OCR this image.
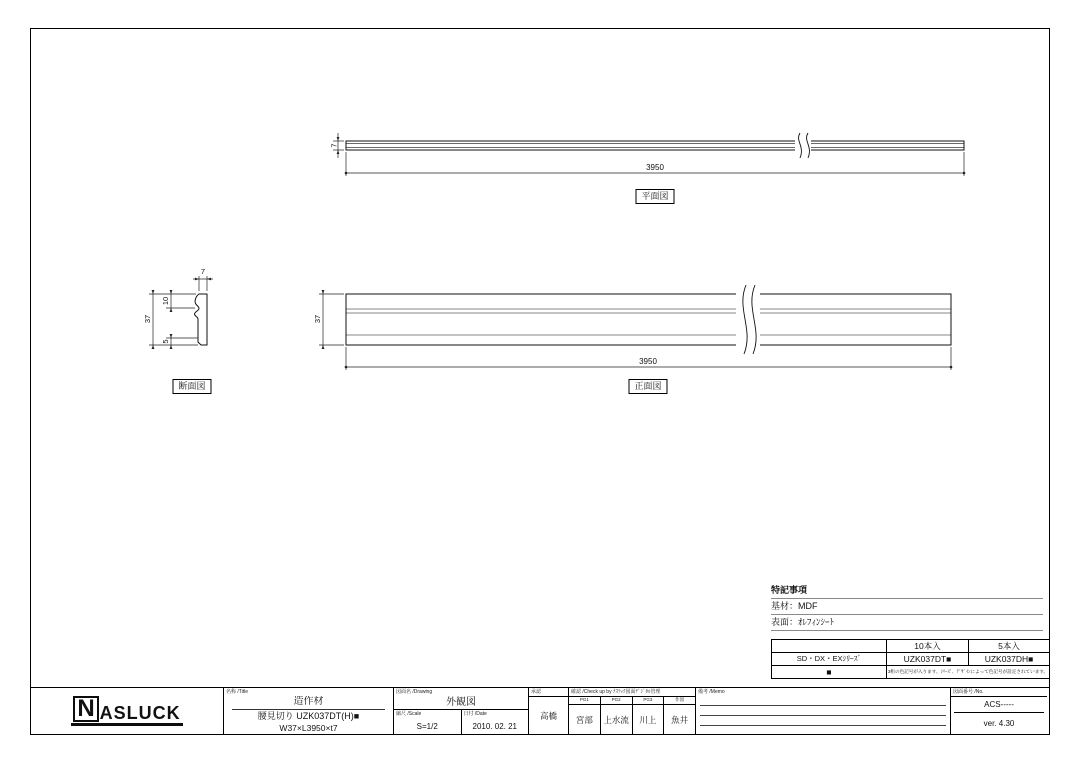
7
3950
7
37
10
5
37
3950
平面図
断面図	正面図
特記事項
基材：MDF
表面：ｵﾚﾌｨﾝｼｰﾄ
	10本入	5本入
SD・DX・EXｼﾘｰｽﾞ	UZK037DT■	UZK037DH■
■	3桁の色記号が入ります。ｼﾘｰｽﾞ、ﾃﾞｻﾞｲﾝによって色記号が設定されています。	
N ASLUCK
名称 /Title
造作材
腰見切り UZK037DT(H)■
W37×L3950×t7
図面名 /Drawing
外観図
縮尺 /Scale
S=1/2
日付 /Date
2010. 02. 21
承認
高橋
確認 /Check up by ﾅｽﾗｯｸ図面ﾃﾞｼﾞﾀﾙ管理
PG1
宮部
PG2
上水流
PG3
川上
作図
魚井
備考 /Memo	図面番号 /No.
ACS-----
ver. 4.30
